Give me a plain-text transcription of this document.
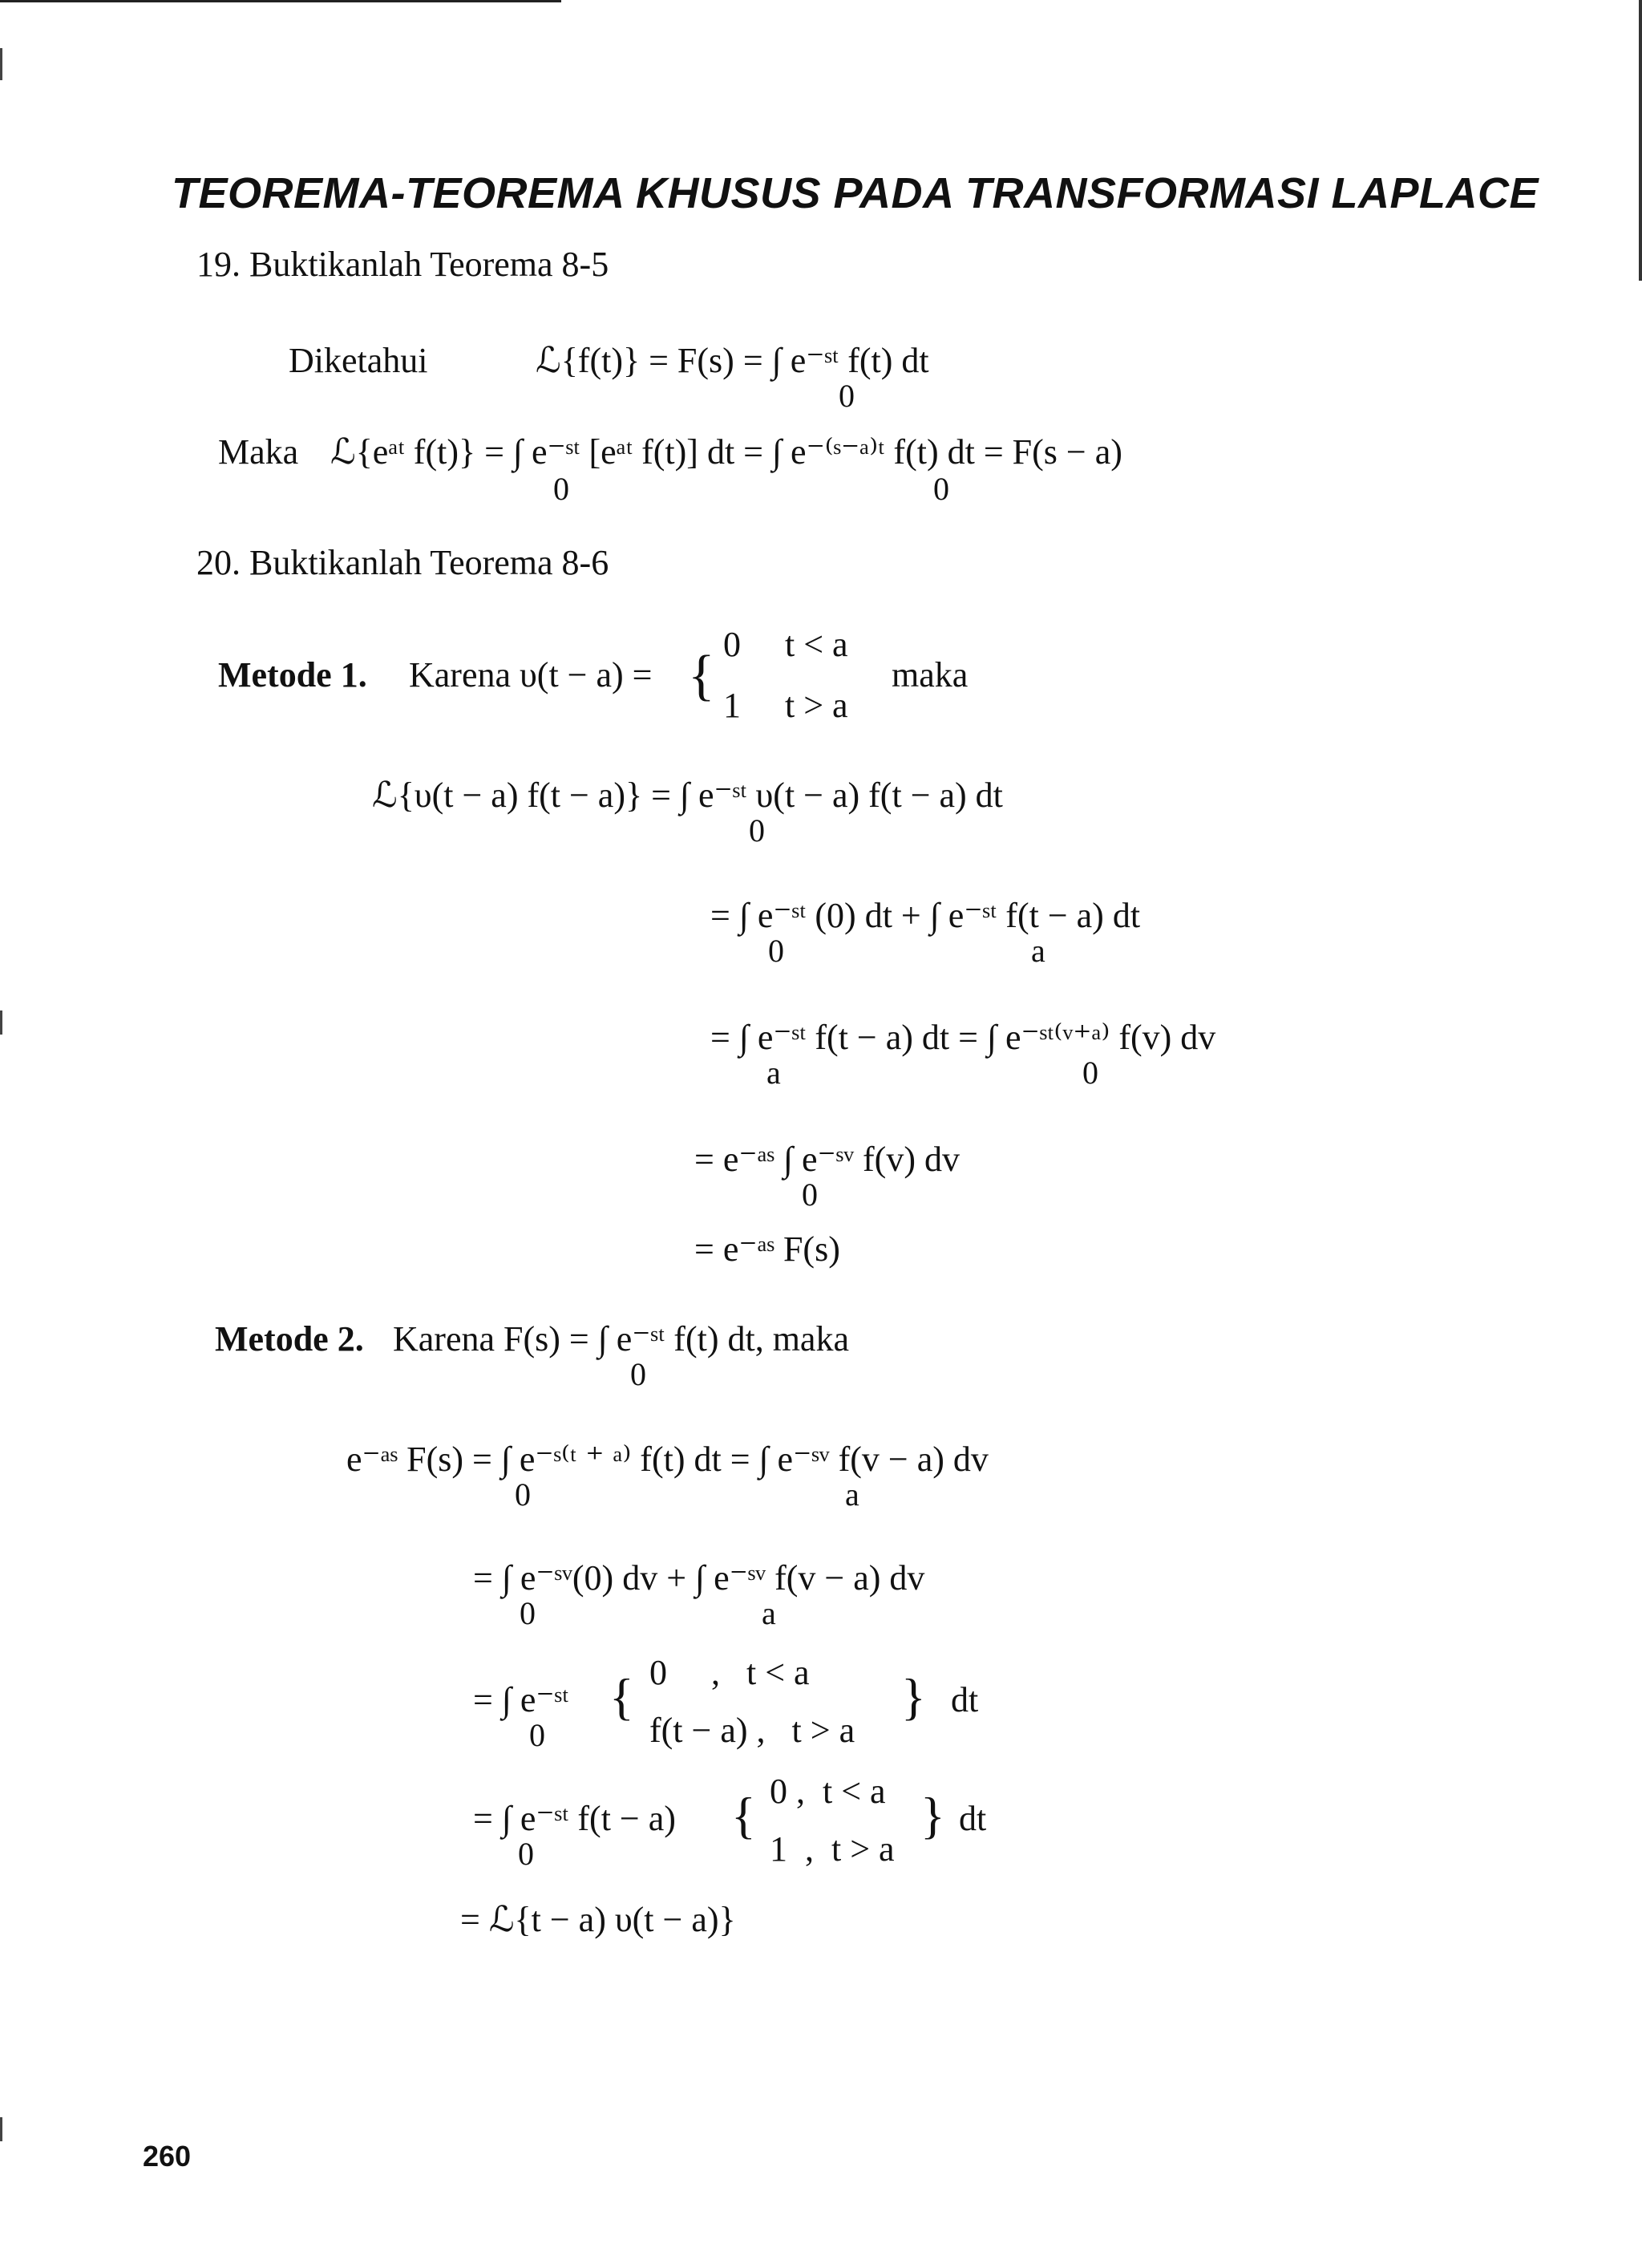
TEOREMA-TEOREMA KHUSUS PADA TRANSFORMASI LAPLACE
19. Buktikanlah Teorema 8-5
Diketahui	ℒ{f(t)} = F(s) = ∫ e⁻ˢᵗ f(t) dt
0
Maka ℒ{eᵃᵗ f(t)} = ∫ e⁻ˢᵗ [eᵃᵗ f(t)] dt = ∫ e⁻⁽ˢ⁻ᵃ⁾ᵗ f(t) dt = F(s − a)
0	0
20. Buktikanlah Teorema 8-6
Metode 1. Karena υ(t − a) = {
0     t < a
1     t > a
maka
ℒ{υ(t − a) f(t − a)} = ∫ e⁻ˢᵗ υ(t − a) f(t − a) dt
0
= ∫ e⁻ˢᵗ (0) dt + ∫ e⁻ˢᵗ f(t − a) dt
0	a
= ∫ e⁻ˢᵗ f(t − a) dt = ∫ e⁻ˢᵗ⁽ᵛ⁺ᵃ⁾ f(v) dv
a	0
= e⁻ᵃˢ ∫ e⁻ˢᵛ f(v) dv
0
= e⁻ᵃˢ F(s)
Metode 2. Karena F(s) = ∫ e⁻ˢᵗ f(t) dt, maka
0
e⁻ᵃˢ F(s) = ∫ e⁻ˢ⁽ᵗ ⁺ ᵃ⁾ f(t) dt = ∫ e⁻ˢᵛ f(v − a) dv
0	a
= ∫ e⁻ˢᵛ(0) dv + ∫ e⁻ˢᵛ f(v − a) dv
0	a
= ∫ e⁻ˢᵗ { 0     ,   t < a
f(t − a) ,   t > a
} dt
0
= ∫ e⁻ˢᵗ f(t − a) { 0 ,  t < a
1  ,  t > a
} dt
0
= ℒ{t − a) υ(t − a)}
260
